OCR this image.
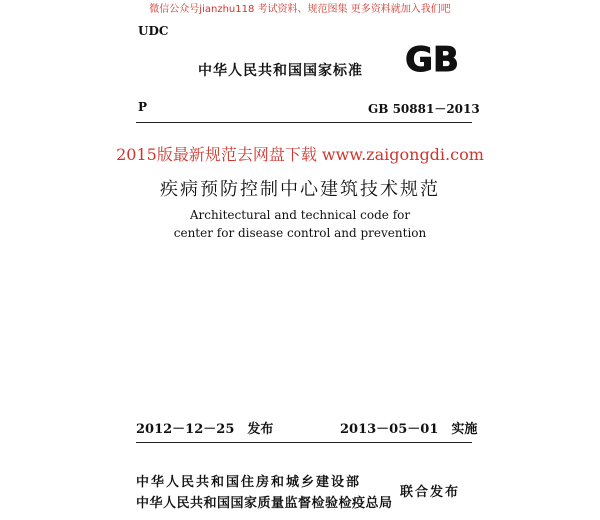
微信公众号jianzhu118 考试资料、规范图集 更多资料就加入我们吧
UDC
中华人民共和国国家标准 GB
P	GB 50881－2013
2015版最新规范去网盘下载 www.zaigongdi.com
疾病预防控制中心建筑技术规范
Architectural and technical code for
center for disease control and prevention
2012－12－25　发布	2013－05－01　实施
中华人民共和国住房和城乡建设部
中华人民共和国国家质量监督检验检疫总局
联合发布
